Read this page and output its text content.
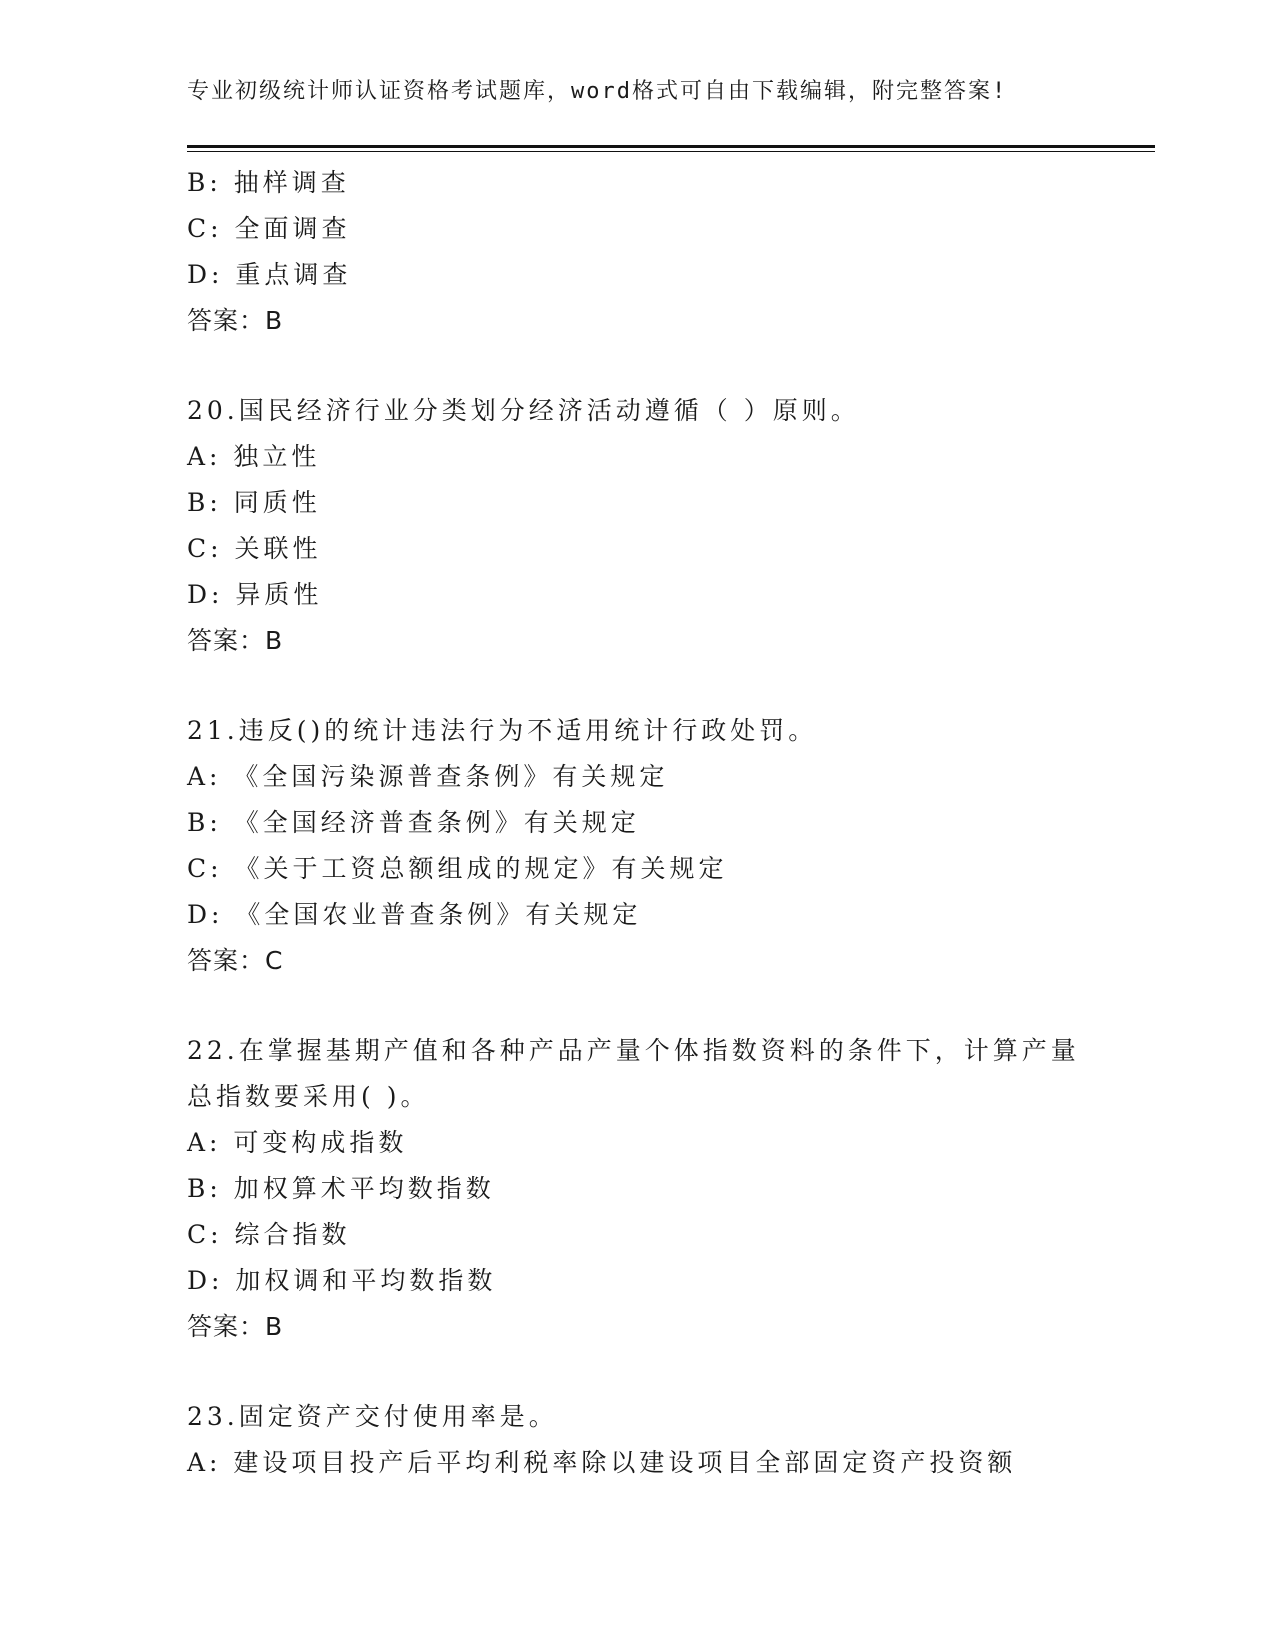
专业初级统计师认证资格考试题库，word格式可自由下载编辑，附完整答案!
B: 抽样调查
C: 全面调查
D: 重点调查
答案：B
20.国民经济行业分类划分经济活动遵循（ ）原则。
A: 独立性
B: 同质性
C: 关联性
D: 异质性
答案：B
21.违反()的统计违法行为不适用统计行政处罚。
A: 《全国污染源普查条例》有关规定
B: 《全国经济普查条例》有关规定
C: 《关于工资总额组成的规定》有关规定
D: 《全国农业普查条例》有关规定
答案：C
22.在掌握基期产值和各种产品产量个体指数资料的条件下，计算产量
总指数要采用( )。
A: 可变构成指数
B: 加权算术平均数指数
C: 综合指数
D: 加权调和平均数指数
答案：B
23.固定资产交付使用率是。
A: 建设项目投产后平均利税率除以建设项目全部固定资产投资额
